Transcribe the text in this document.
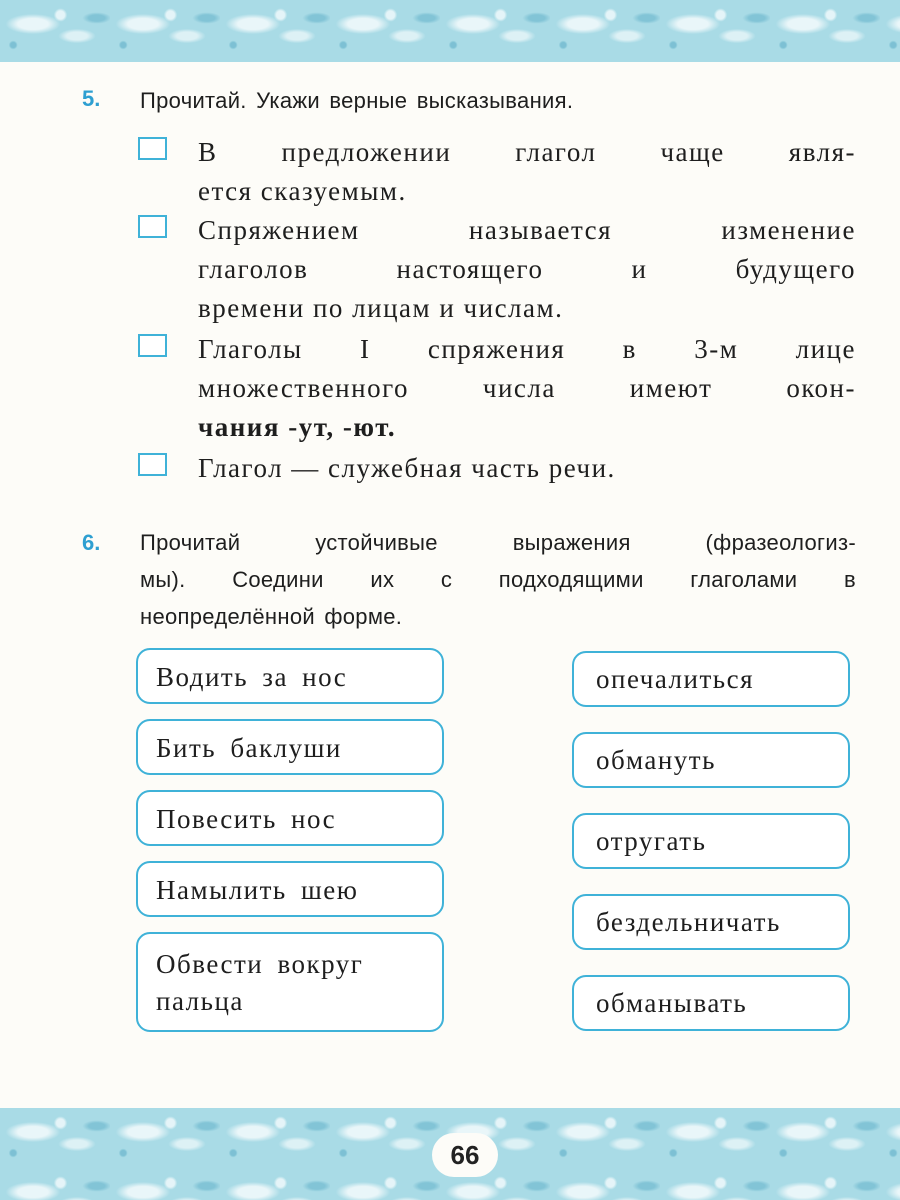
5. Прочитай. Укажи верные высказывания.
В предложении глагол чаще явля-
ется сказуемым.
Спряжением называется изменение
глаголов настоящего и будущего
времени по лицам и числам.
Глаголы I спряжения в 3-м лице
множественного числа имеют окон-
чания -ут, -ют.
Глагол — служебная часть речи.
6. Прочитай устойчивые выражения (фразеологиз-
мы). Соедини их с подходящими глаголами в
неопределённой форме.
Водить за нос
Бить баклуши
Повесить нос
Намылить шею
Обвести вокруг
пальца
опечалиться
обмануть
отругать
бездельничать
обманывать
66
